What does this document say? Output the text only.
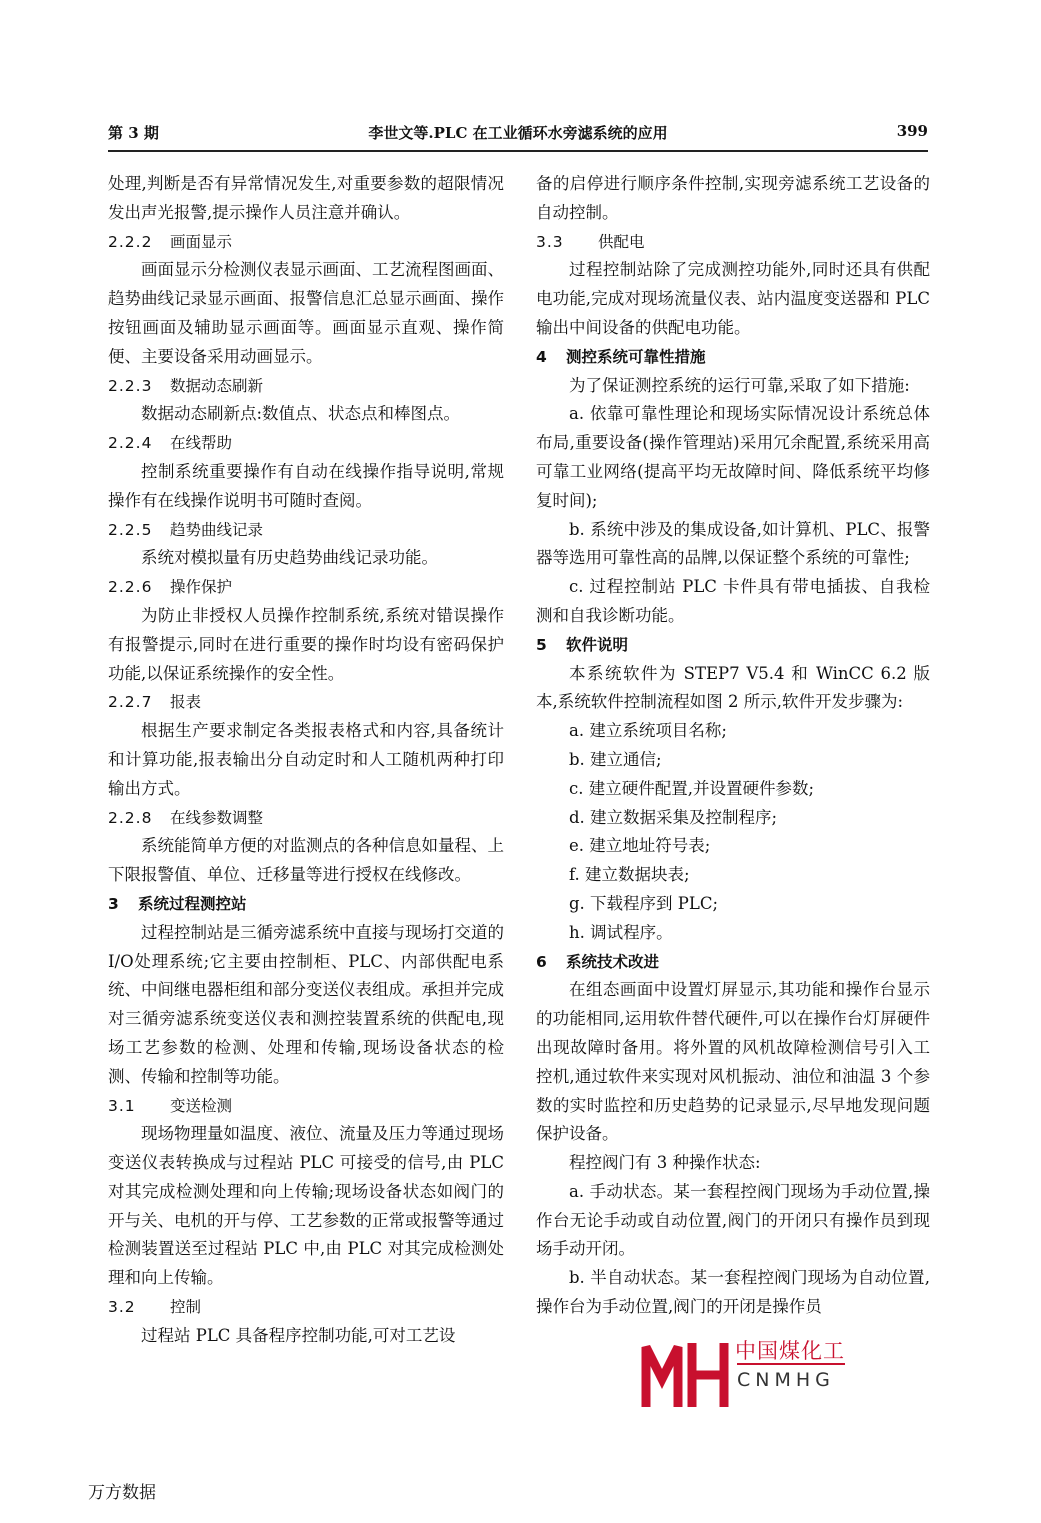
第 3 期	李世文等.PLC 在工业循环水旁滤系统的应用	399
处理,判断是否有异常情况发生,对重要参数的超限情况发出声光报警,提示操作人员注意并确认。
2.2.2 画面显示
画面显示分检测仪表显示画面、工艺流程图画面、趋势曲线记录显示画面、报警信息汇总显示画面、操作按钮画面及辅助显示画面等。画面显示直观、操作简便、主要设备采用动画显示。
2.2.3 数据动态刷新
数据动态刷新点:数值点、状态点和棒图点。
2.2.4 在线帮助
控制系统重要操作有自动在线操作指导说明,常规操作有在线操作说明书可随时查阅。
2.2.5 趋势曲线记录
系统对模拟量有历史趋势曲线记录功能。
2.2.6 操作保护
为防止非授权人员操作控制系统,系统对错误操作有报警提示,同时在进行重要的操作时均设有密码保护功能,以保证系统操作的安全性。
2.2.7 报表
根据生产要求制定各类报表格式和内容,具备统计和计算功能,报表输出分自动定时和人工随机两种打印输出方式。
2.2.8 在线参数调整
系统能简单方便的对监测点的各种信息如量程、上下限报警值、单位、迁移量等进行授权在线修改。
3 系统过程测控站
过程控制站是三循旁滤系统中直接与现场打交道的I/O处理系统;它主要由控制柜、PLC、内部供配电系统、中间继电器柜组和部分变送仪表组成。承担并完成对三循旁滤系统变送仪表和测控装置系统的供配电,现场工艺参数的检测、处理和传输,现场设备状态的检测、传输和控制等功能。
3.1 变送检测
现场物理量如温度、液位、流量及压力等通过现场变送仪表转换成与过程站 PLC 可接受的信号,由 PLC 对其完成检测处理和向上传输;现场设备状态如阀门的开与关、电机的开与停、工艺参数的正常或报警等通过检测装置送至过程站 PLC 中,由 PLC 对其完成检测处理和向上传输。
3.2 控制
过程站 PLC 具备程序控制功能,可对工艺设
备的启停进行顺序条件控制,实现旁滤系统工艺设备的自动控制。
3.3 供配电
过程控制站除了完成测控功能外,同时还具有供配电功能,完成对现场流量仪表、站内温度变送器和 PLC 输出中间设备的供配电功能。
4 测控系统可靠性措施
为了保证测控系统的运行可靠,采取了如下措施:
a. 依靠可靠性理论和现场实际情况设计系统总体布局,重要设备(操作管理站)采用冗余配置,系统采用高可靠工业网络(提高平均无故障时间、降低系统平均修复时间);
b. 系统中涉及的集成设备,如计算机、PLC、报警器等选用可靠性高的品牌,以保证整个系统的可靠性;
c. 过程控制站 PLC 卡件具有带电插拔、自我检测和自我诊断功能。
5 软件说明
本系统软件为 STEP7 V5.4 和 WinCC 6.2 版本,系统软件控制流程如图 2 所示,软件开发步骤为:
a. 建立系统项目名称;
b. 建立通信;
c. 建立硬件配置,并设置硬件参数;
d. 建立数据采集及控制程序;
e. 建立地址符号表;
f. 建立数据块表;
g. 下载程序到 PLC;
h. 调试程序。
6 系统技术改进
在组态画面中设置灯屏显示,其功能和操作台显示的功能相同,运用软件替代硬件,可以在操作台灯屏硬件出现故障时备用。将外置的风机故障检测信号引入工控机,通过软件来实现对风机振动、油位和油温 3 个参数的实时监控和历史趋势的记录显示,尽早地发现问题保护设备。
程控阀门有 3 种操作状态:
a. 手动状态。某一套程控阀门现场为手动位置,操作台无论手动或自动位置,阀门的开闭只有操作员到现场手动开闭。
b. 半自动状态。某一套程控阀门现场为自动位置,操作台为手动位置,阀门的开闭是操作员
万方数据
中国煤化工
CNMHG
